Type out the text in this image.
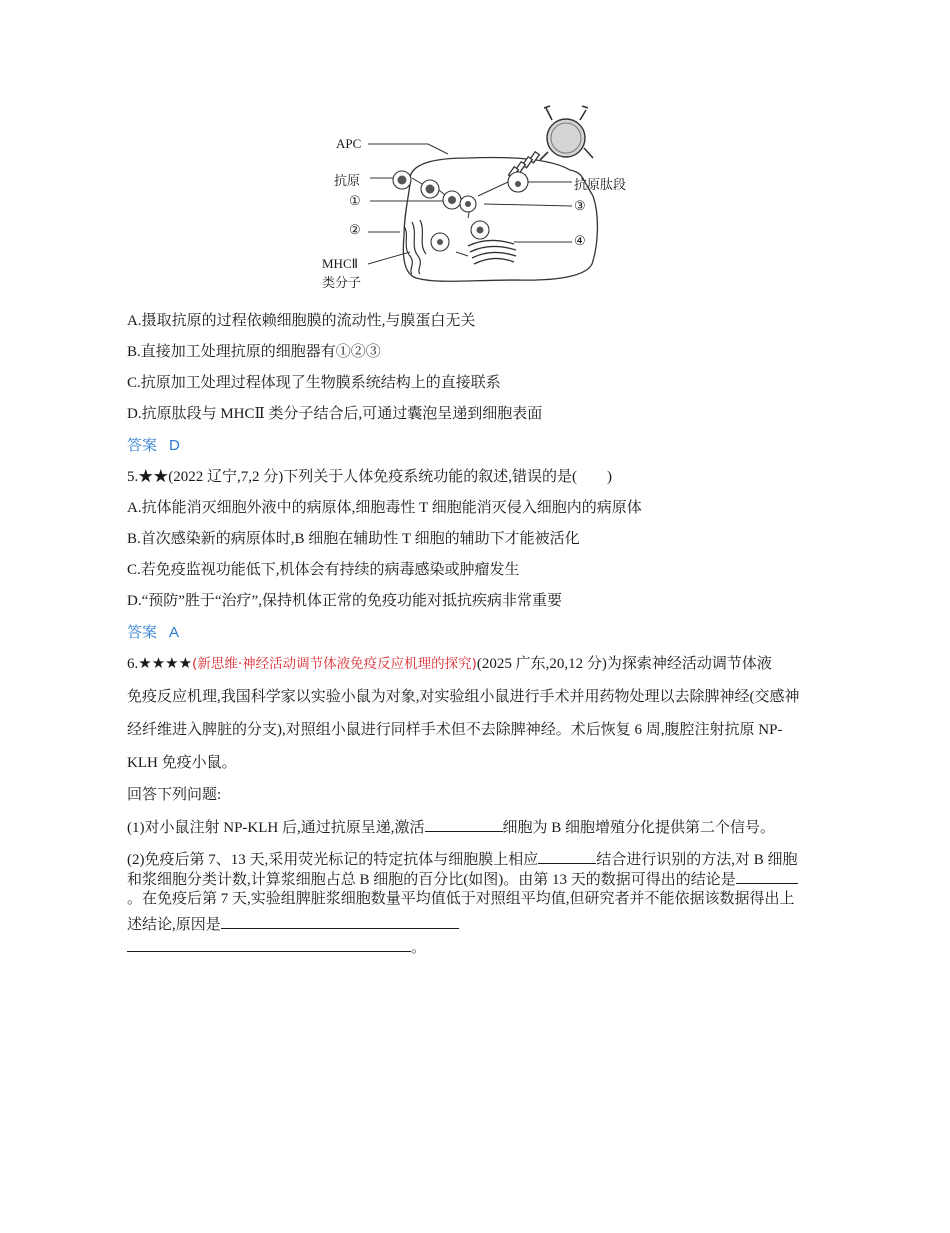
APC
抗原
①
②
MHCⅡ
类分子
抗原肽段
③
④
A.摄取抗原的过程依赖细胞膜的流动性,与膜蛋白无关
B.直接加工处理抗原的细胞器有①②③
C.抗原加工处理过程体现了生物膜系统结构上的直接联系
D.抗原肽段与 MHCⅡ 类分子结合后,可通过囊泡呈递到细胞表面
答案 D
5.★★(2022 辽宁,7,2 分)下列关于人体免疫系统功能的叙述,错误的是(　　)
A.抗体能消灭细胞外液中的病原体,细胞毒性 T 细胞能消灭侵入细胞内的病原体
B.首次感染新的病原体时,B 细胞在辅助性 T 细胞的辅助下才能被活化
C.若免疫监视功能低下,机体会有持续的病毒感染或肿瘤发生
D.“预防”胜于“治疗”,保持机体正常的免疫功能对抵抗疾病非常重要
答案 A
6.★★★★(新思维·神经活动调节体液免疫反应机理的探究)(2025 广东,20,12 分)为探索神经活动调节体液
免疫反应机理,我国科学家以实验小鼠为对象,对实验组小鼠进行手术并用药物处理以去除脾神经(交感神
经纤维进入脾脏的分支),对照组小鼠进行同样手术但不去除脾神经。术后恢复 6 周,腹腔注射抗原 NP-
KLH 免疫小鼠。
回答下列问题:
(1)对小鼠注射 NP-KLH 后,通过抗原呈递,激活	细胞为 B 细胞增殖分化提供第二个信号。
(2)免疫后第 7、13 天,采用荧光标记的特定抗体与细胞膜上相应	结合进行识别的方法,对 B 细胞
和浆细胞分类计数,计算浆细胞占总 B 细胞的百分比(如图)。由第 13 天的数据可得出的结论是
。在免疫后第 7 天,实验组脾脏浆细胞数量平均值低于对照组平均值,但研究者并不能依据该数据得出上
述结论,原因是
。
